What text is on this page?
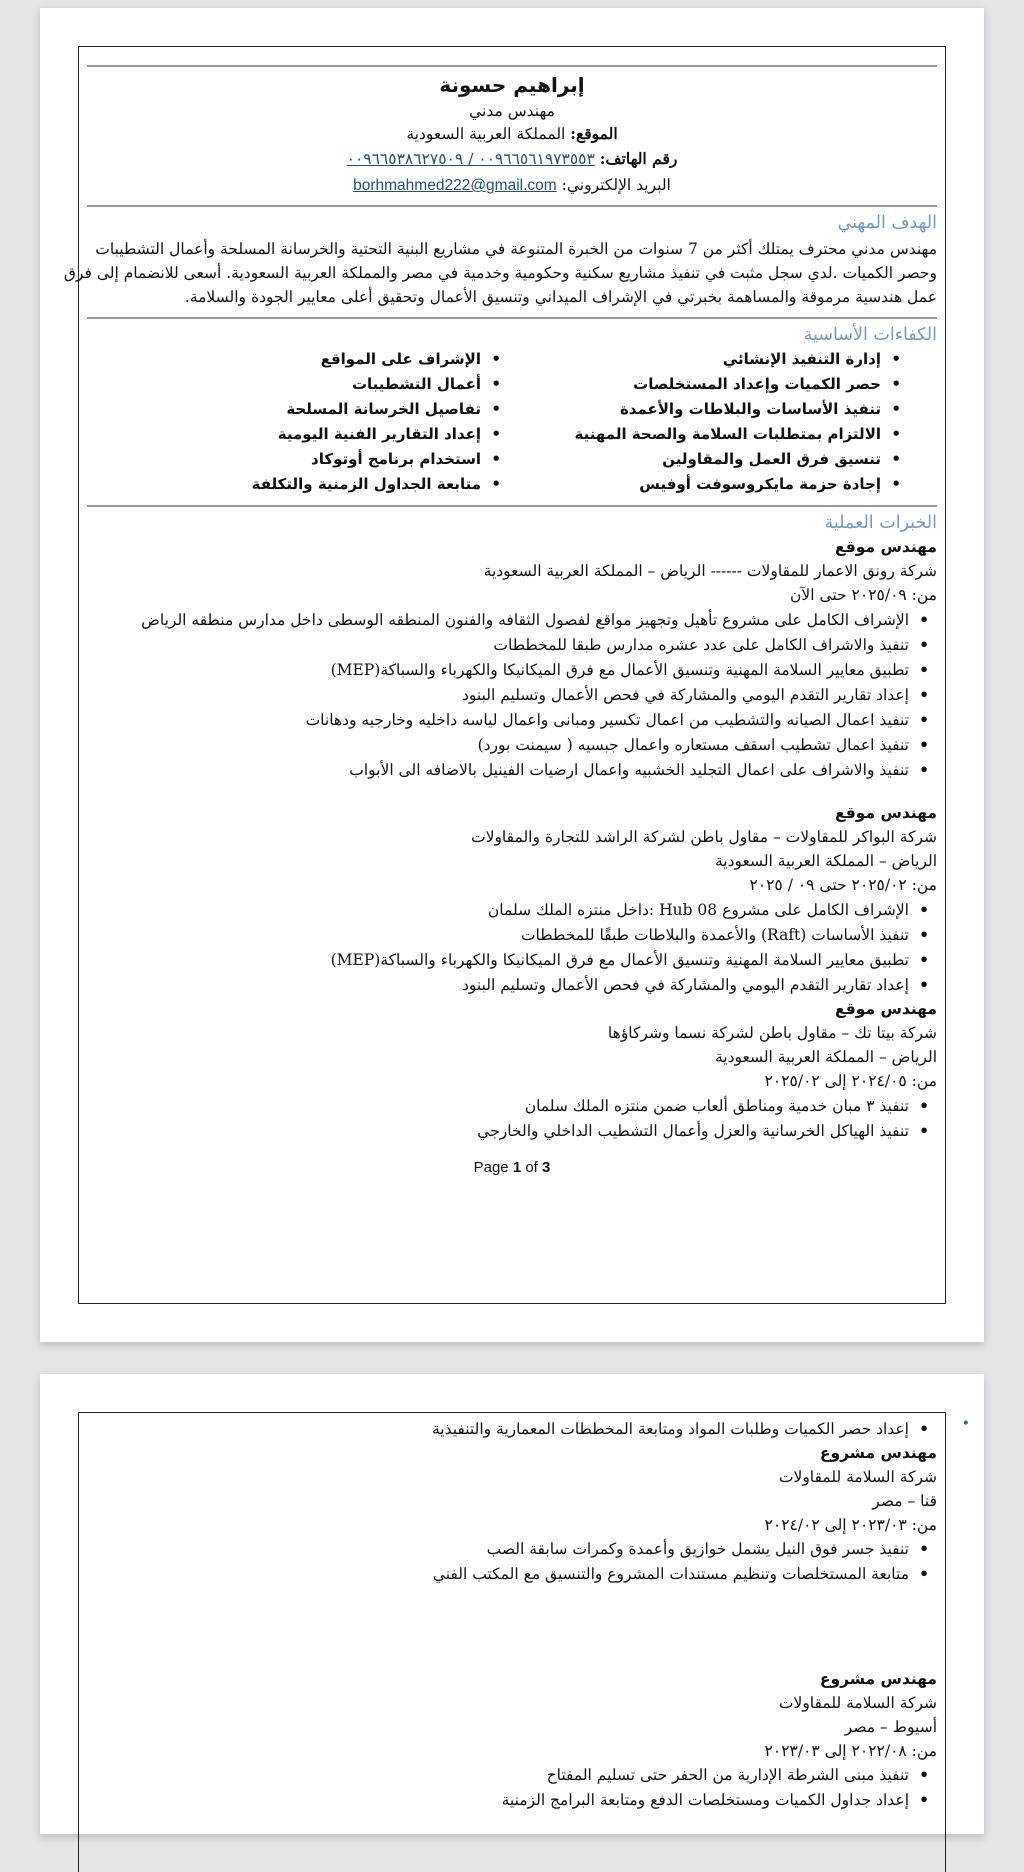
إبراهيم حسونة
مهندس مدني
الموقع: المملكة العربية السعودية
رقم الهاتف: ٠٠٩٦٦٥٦١٩٧٣٥٥٣ / ٠٠٩٦٦٥٣٨٦٢٧٥٠٩
البريد الإلكتروني: borhmahmed222@gmail.com
الهدف المهني
مهندس مدني محترف يمتلك أكثر من 7 سنوات من الخبرة المتنوعة في مشاريع البنية التحتية والخرسانة المسلحة وأعمال التشطيبات
وحصر الكميات .لدي سجل مثبت في تنفيذ مشاريع سكنية وحكومية وخدمية في مصر والمملكة العربية السعودية. أسعى للانضمام إلى فرق
عمل هندسية مرموقة والمساهمة بخبرتي في الإشراف الميداني وتنسيق الأعمال وتحقيق أعلى معايير الجودة والسلامة.
الكفاءات الأساسية
• إدارة التنفيذ الإنشائي
• حصر الكميات وإعداد المستخلصات
• تنفيذ الأساسات والبلاطات والأعمدة
• الالتزام بمتطلبات السلامة والصحة المهنية
• تنسيق فرق العمل والمقاولين
• إجادة حزمة مايكروسوفت أوفيس
• الإشراف على المواقع
• أعمال التشطيبات
• تفاصيل الخرسانة المسلحة
• إعداد التقارير الفنية اليومية
• استخدام برنامج أوتوكاد
• متابعة الجداول الزمنية والتكلفة
الخبرات العملية
مهندس موقع
شركة رونق الاعمار للمقاولات ------ الرياض – المملكة العربية السعودية
من: ٢٠٢٥/٠٩ حتى الآن
• الإشراف الكامل على مشروع تأهيل وتجهيز مواقع لفصول الثقافه والفنون المنطقه الوسطى داخل مدارس منطقه الرياض
• تنفيذ والاشراف الكامل على عدد عشره مدارس طبقا للمخططات
• تطبيق معايير السلامة المهنية وتنسيق الأعمال مع فرق الميكانيكا والكهرباء والسباكة(MEP)
• إعداد تقارير التقدم اليومي والمشاركة في فحص الأعمال وتسليم البنود
• تنفيذ اعمال الصيانه والتشطيب من اعمال تكسير ومبانى واعمال لياسه داخليه وخارجيه ودهانات
• تنفيذ اعمال تشطيب اسقف مستعاره واعمال جبسيه ( سيمنت بورد)
• تنفيذ والاشراف على اعمال التجليد الخشبيه واعمال ارضيات الفينيل بالاضافه الى الأبواب
مهندس موقع
شركة البواكر للمقاولات – مقاول باطن لشركة الراشد للتجارة والمقاولات
الرياض – المملكة العربية السعودية
من: ٢٠٢٥/٠٢ حتى ٠٩ / ٢٠٢٥
• الإشراف الكامل على مشروع Hub 08 :داخل منتزه الملك سلمان
• تنفيذ الأساسات (Raft) والأعمدة والبلاطات طبقًا للمخططات
• تطبيق معايير السلامة المهنية وتنسيق الأعمال مع فرق الميكانيكا والكهرباء والسباكة(MEP)
• إعداد تقارير التقدم اليومي والمشاركة في فحص الأعمال وتسليم البنود
مهندس موقع
شركة بيتا تك – مقاول باطن لشركة نسما وشركاؤها
الرياض – المملكة العربية السعودية
من: ٢٠٢٤/٠٥ إلى ٢٠٢٥/٠٢
• تنفيذ ٣ مبان خدمية ومناطق ألعاب ضمن منتزه الملك سلمان
• تنفيذ الهياكل الخرسانية والعزل وأعمال التشطيب الداخلي والخارجي
Page 1 of 3
•
• إعداد حصر الكميات وطلبات المواد ومتابعة المخططات المعمارية والتنفيذية
مهندس مشروع
شركة السلامة للمقاولات
قنا – مصر
من: ٢٠٢٣/٠٣ إلى ٢٠٢٤/٠٢
• تنفيذ جسر فوق النيل يشمل خوازيق وأعمدة وكمرات سابقة الصب
• متابعة المستخلصات وتنظيم مستندات المشروع والتنسيق مع المكتب الفني
مهندس مشروع
شركة السلامة للمقاولات
أسيوط – مصر
من: ٢٠٢٢/٠٨ إلى ٢٠٢٣/٠٣
• تنفيذ مبنى الشرطة الإدارية من الحفر حتى تسليم المفتاح
• إعداد جداول الكميات ومستخلصات الدفع ومتابعة البرامج الزمنية
